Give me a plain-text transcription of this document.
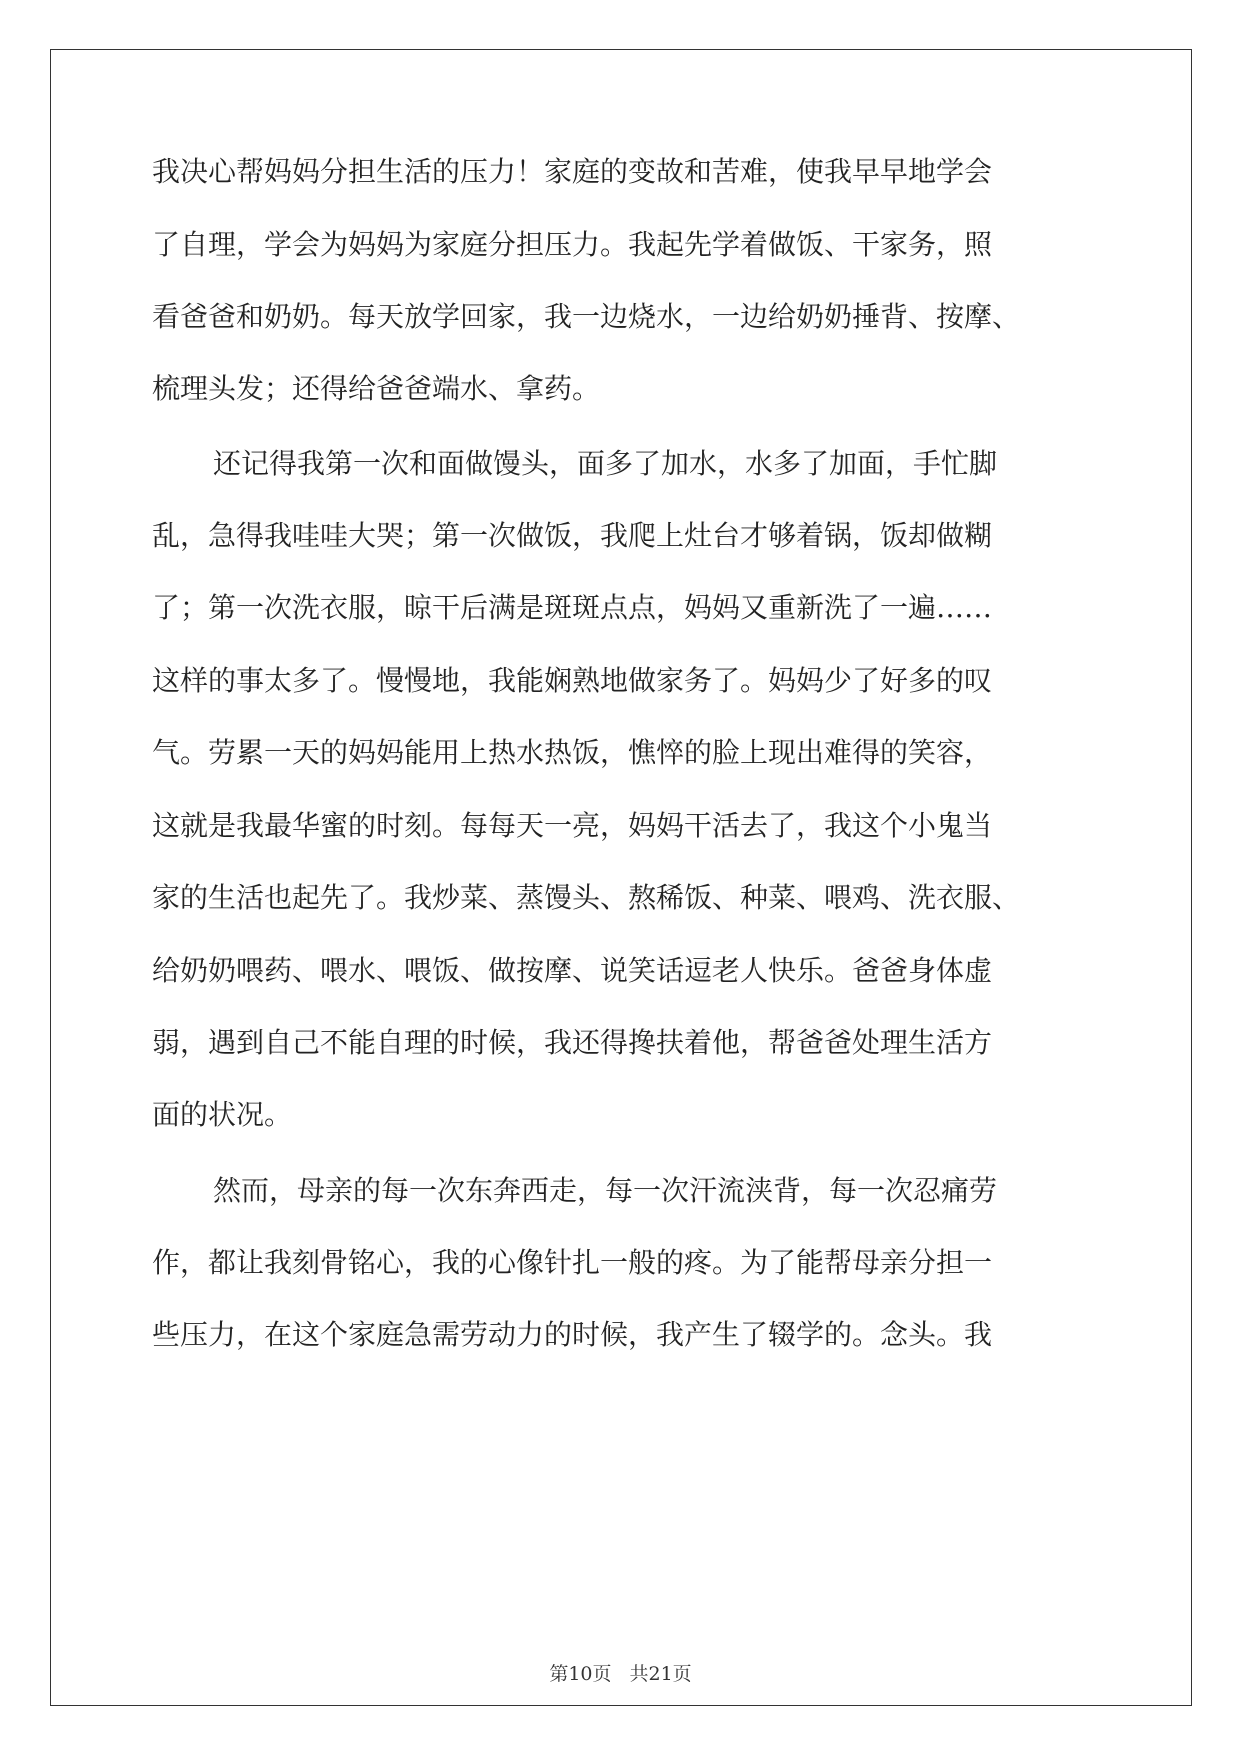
我决心帮妈妈分担生活的压力！家庭的变故和苦难，使我早早地学会

了自理，学会为妈妈为家庭分担压力。我起先学着做饭、干家务，照

看爸爸和奶奶。每天放学回家，我一边烧水，一边给奶奶捶背、按摩、

梳理头发；还得给爸爸端水、拿药。

还记得我第一次和面做馒头，面多了加水，水多了加面，手忙脚

乱，急得我哇哇大哭；第一次做饭，我爬上灶台才够着锅，饭却做糊

了；第一次洗衣服，晾干后满是斑斑点点，妈妈又重新洗了一遍……

这样的事太多了。慢慢地，我能娴熟地做家务了。妈妈少了好多的叹

气。劳累一天的妈妈能用上热水热饭，憔悴的脸上现出难得的笑容，

这就是我最华蜜的时刻。每每天一亮，妈妈干活去了，我这个小鬼当

家的生活也起先了。我炒菜、蒸馒头、熬稀饭、种菜、喂鸡、洗衣服、

给奶奶喂药、喂水、喂饭、做按摩、说笑话逗老人快乐。爸爸身体虚

弱，遇到自己不能自理的时候，我还得搀扶着他，帮爸爸处理生活方

面的状况。

然而，母亲的每一次东奔西走，每一次汗流浃背，每一次忍痛劳

作，都让我刻骨铭心，我的心像针扎一般的疼。为了能帮母亲分担一

些压力，在这个家庭急需劳动力的时候，我产生了辍学的。念头。我

第10页 共21页
